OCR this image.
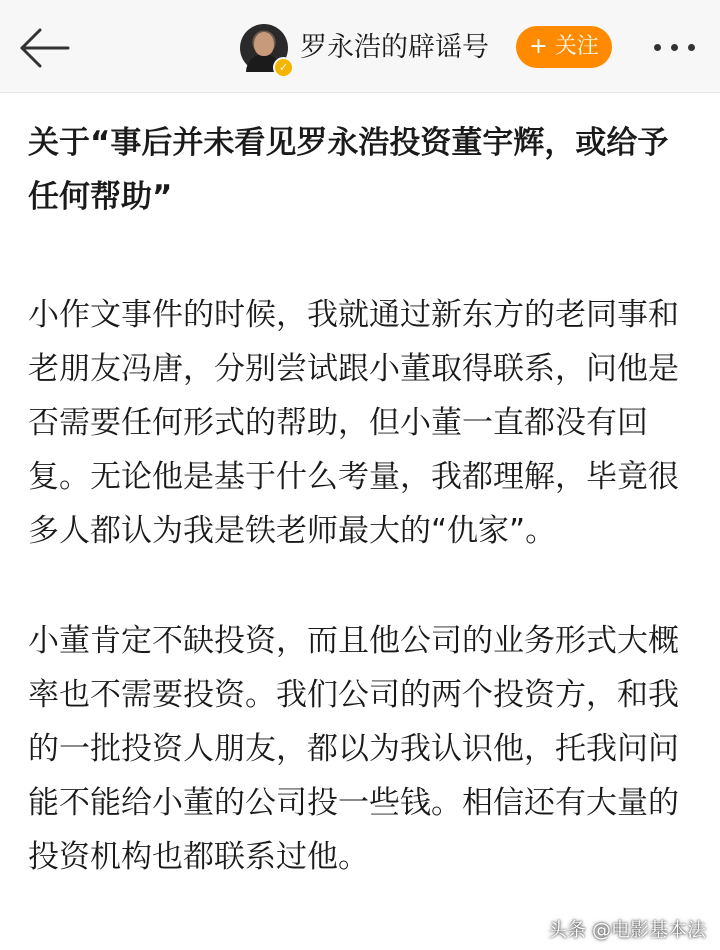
✓
罗永浩的辟谣号	+ 关注
关于“事后并未看见罗永浩投资董宇辉，或给予任何帮助”

小作文事件的时候，我就通过新东方的老同事和老朋友冯唐，分别尝试跟小董取得联系，问他是否需要任何形式的帮助，但小董一直都没有回复。无论他是基于什么考量，我都理解，毕竟很多人都认为我是铁老师最大的“仇家”。

小董肯定不缺投资，而且他公司的业务形式大概率也不需要投资。我们公司的两个投资方，和我的一批投资人朋友，都以为我认识他，托我问问能不能给小董的公司投一些钱。相信还有大量的投资机构也都联系过他。

头条 @电影基本法
